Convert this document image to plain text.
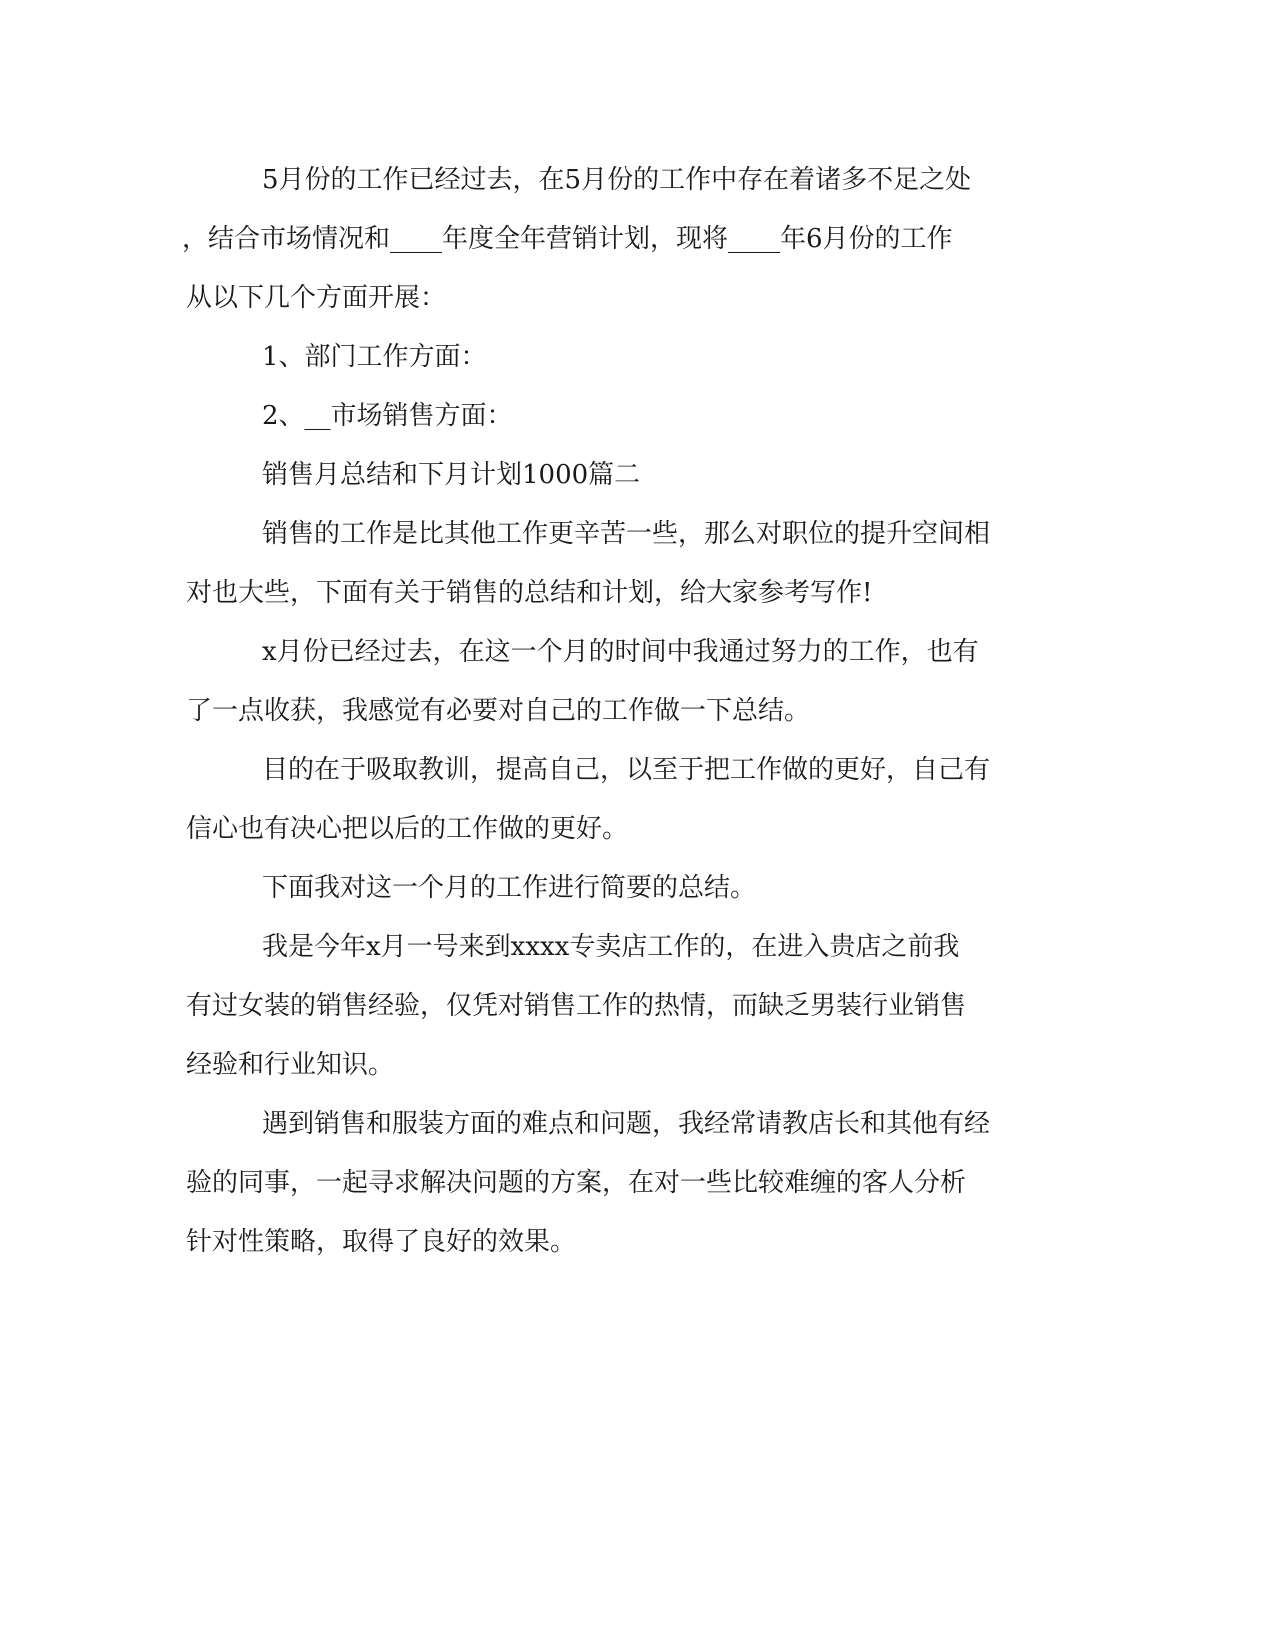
5月份的工作已经过去，在5月份的工作中存在着诸多不足之处

，结合市场情况和____年度全年营销计划，现将____年6月份的工作

从以下几个方面开展：

1、部门工作方面：

2、__市场销售方面：

销售月总结和下月计划1000篇二

销售的工作是比其他工作更辛苦一些，那么对职位的提升空间相

对也大些，下面有关于销售的总结和计划，给大家参考写作!

x月份已经过去，在这一个月的时间中我通过努力的工作，也有

了一点收获，我感觉有必要对自己的工作做一下总结。

目的在于吸取教训，提高自己，以至于把工作做的更好，自己有

信心也有决心把以后的工作做的更好。

下面我对这一个月的工作进行简要的总结。

我是今年x月一号来到xxxx专卖店工作的，在进入贵店之前我

有过女装的销售经验，仅凭对销售工作的热情，而缺乏男装行业销售

经验和行业知识。

遇到销售和服装方面的难点和问题，我经常请教店长和其他有经

验的同事，一起寻求解决问题的方案，在对一些比较难缠的客人分析

针对性策略，取得了良好的效果。
